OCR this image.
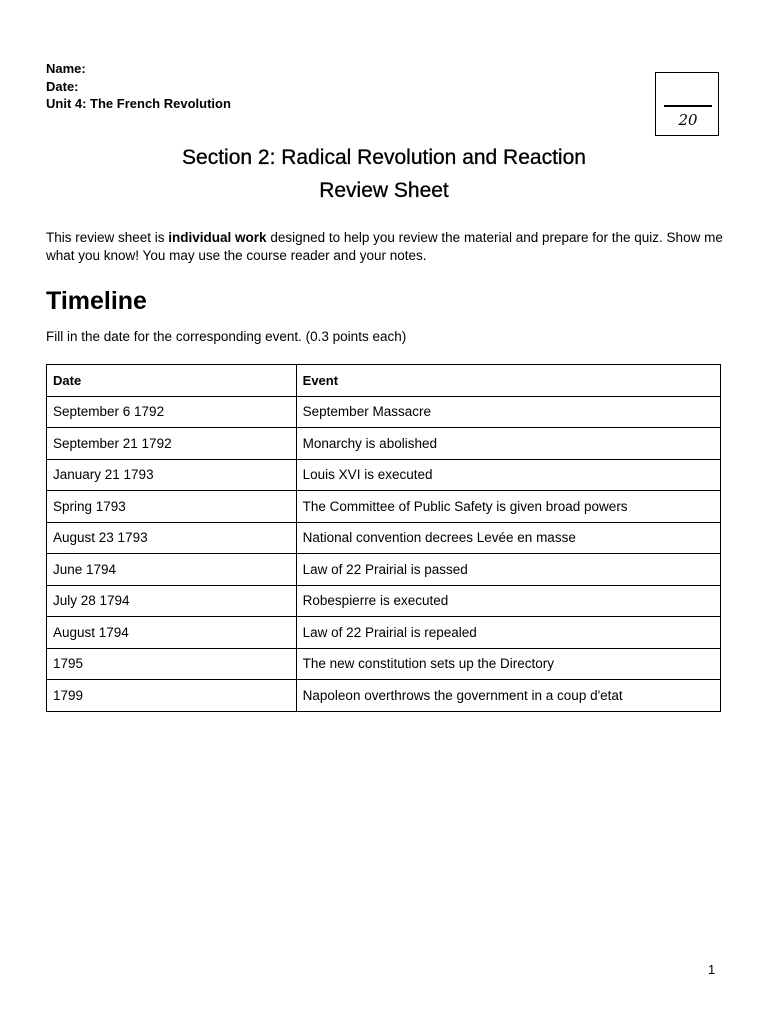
Name:
Date:
Unit 4: The French Revolution
20
Section 2: Radical Revolution and Reaction
Review Sheet
This review sheet is individual work designed to help you review the material and prepare for the quiz. Show me what you know! You may use the course reader and your notes.
Timeline
Fill in the date for the corresponding event. (0.3 points each)
Date	Event
September 6 1792	September Massacre
September 21 1792	Monarchy is abolished
January 21 1793	Louis XVI is executed
Spring 1793	The Committee of Public Safety is given broad powers
August 23 1793	National convention decrees Levée en masse
June 1794	Law of 22 Prairial is passed
July 28 1794	Robespierre is executed
August 1794	Law of 22 Prairial is repealed
1795	The new constitution sets up the Directory
1799	Napoleon overthrows the government in a coup d'etat
1
